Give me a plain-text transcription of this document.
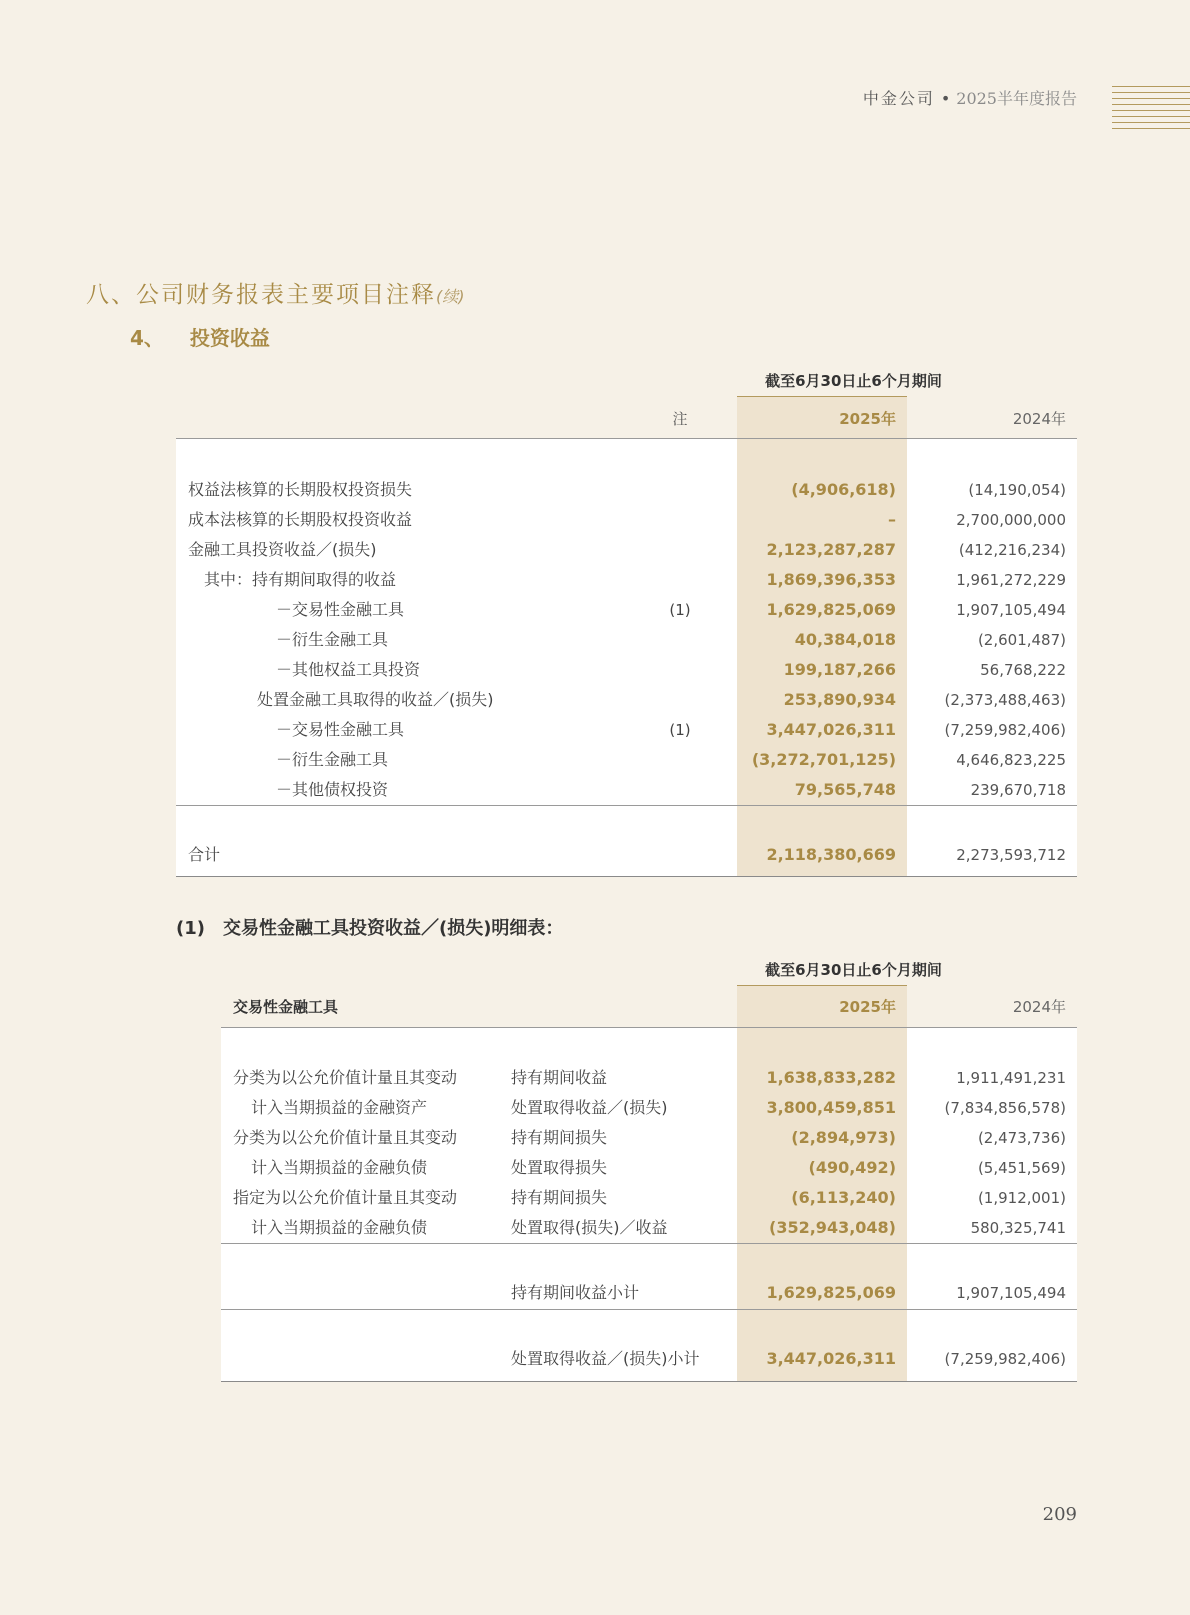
中金公司 • 2025半年度报告
八、公司财务报表主要项目注释(续)
4、 投资收益
截至6月30日止6个月期间
注	2025年	2024年
权益法核算的长期股权投资损失	(4,906,618)	(14,190,054)
成本法核算的长期股权投资收益	–	2,700,000,000
金融工具投资收益／(损失)	2,123,287,287	(412,216,234)
其中：持有期间取得的收益	1,869,396,353	1,961,272,229
－交易性金融工具	(1)	1,629,825,069	1,907,105,494
－衍生金融工具	40,384,018	(2,601,487)
－其他权益工具投资	199,187,266	56,768,222
处置金融工具取得的收益／(损失)	253,890,934	(2,373,488,463)
－交易性金融工具	(1)	3,447,026,311	(7,259,982,406)
－衍生金融工具	(3,272,701,125)	4,646,823,225
－其他债权投资	79,565,748	239,670,718
合计	2,118,380,669	2,273,593,712
(1) 交易性金融工具投资收益／(损失)明细表：
截至6月30日止6个月期间
交易性金融工具	2025年	2024年
分类为以公允价值计量且其变动	持有期间收益	1,638,833,282	1,911,491,231
计入当期损益的金融资产	处置取得收益／(损失)	3,800,459,851	(7,834,856,578)
分类为以公允价值计量且其变动	持有期间损失	(2,894,973)	(2,473,736)
计入当期损益的金融负债	处置取得损失	(490,492)	(5,451,569)
指定为以公允价值计量且其变动	持有期间损失	(6,113,240)	(1,912,001)
计入当期损益的金融负债	处置取得(损失)／收益	(352,943,048)	580,325,741
持有期间收益小计	1,629,825,069	1,907,105,494
处置取得收益／(损失)小计	3,447,026,311	(7,259,982,406)
209
